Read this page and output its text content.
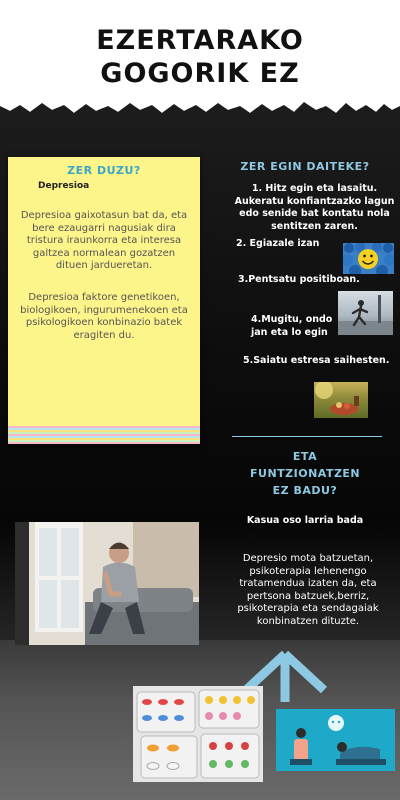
EZERTARAKO
GOGORIK EZ
ZER DUZU?
Depresioa
Depresioa gaixotasun bat da, eta bere ezaugarri nagusiak dira tristura iraunkorra eta interesa galtzea normalean gozatzen dituen jardueretan.
Depresioa faktore genetikoen, biologikoen, ingurumenekoen eta psikologikoen konbinazio batek eragiten du.
ZER EGIN DAITEKE?
1. Hitz egin eta lasaitu. Aukeratu konfiantzazko lagun edo senide bat kontatu nola sentitzen zaren.
2. Egiazale izan
3.Pentsatu positiboan.
4.Mugitu, ondo
jan eta lo egin
5.Saiatu estresa saihesten.
ETA
FUNTZIONATZEN
EZ BADU?
Kasua oso larria bada
Depresio mota batzuetan, psikoterapia lehenengo tratamendua izaten da, eta pertsona batzuek,berriz, psikoterapia eta sendagaiak konbinatzen dituzte.
